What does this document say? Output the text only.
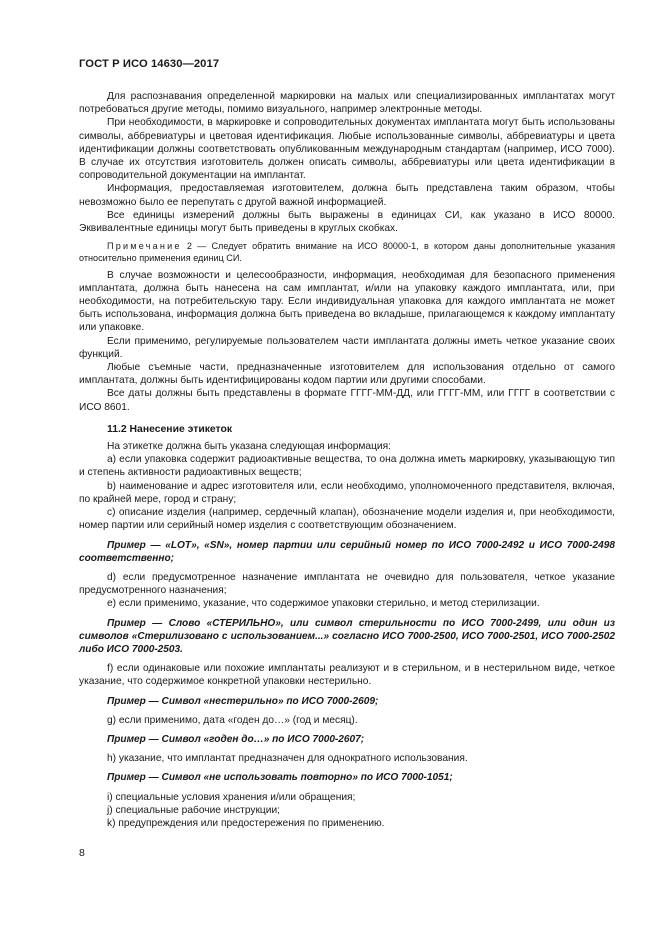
ГОСТ Р ИСО 14630—2017

Для распознавания определенной маркировки на малых или специализированных имплантатах могут потребоваться другие методы, помимо визуального, например электронные методы.

При необходимости, в маркировке и сопроводительных документах имплантата могут быть использованы символы, аббревиатуры и цветовая идентификация. Любые использованные символы, аббревиатуры и цвета идентификации должны соответствовать опубликованным международным стандартам (например, ИСО 7000). В случае их отсутствия изготовитель должен описать символы, аббревиатуры или цвета идентификации в сопроводительной документации на имплантат.

Информация, предоставляемая изготовителем, должна быть представлена таким образом, чтобы невозможно было ее перепутать с другой важной информацией.

Все единицы измерений должны быть выражены в единицах СИ, как указано в ИСО 80000. Эквивалентные единицы могут быть приведены в круглых скобках.

Примечание 2 — Следует обратить внимание на ИСО 80000-1, в котором даны дополнительные указания относительно применения единиц СИ.

В случае возможности и целесообразности, информация, необходимая для безопасного применения имплантата, должна быть нанесена на сам имплантат, и/или на упаковку каждого имплантата, или, при необходимости, на потребительскую тару. Если индивидуальная упаковка для каждого имплантата не может быть использована, информация должна быть приведена во вкладыше, прилагающемся к каждому имплантату или упаковке.

Если применимо, регулируемые пользователем части имплантата должны иметь четкое указание своих функций.

Любые съемные части, предназначенные изготовителем для использования отдельно от самого имплантата, должны быть идентифицированы кодом партии или другими способами.

Все даты должны быть представлены в формате ГГГГ-ММ-ДД, или ГГГГ-ММ, или ГГГГ в соответствии с ИСО 8601.

11.2 Нанесение этикеток

На этикетке должна быть указана следующая информация:

a) если упаковка содержит радиоактивные вещества, то она должна иметь маркировку, указывающую тип и степень активности радиоактивных веществ;

b) наименование и адрес изготовителя или, если необходимо, уполномоченного представителя, включая, по крайней мере, город и страну;

c) описание изделия (например, сердечный клапан), обозначение модели изделия и, при необходимости, номер партии или серийный номер изделия с соответствующим обозначением.

Пример — «LOT», «SN», номер партии или серийный номер по ИСО 7000-2492 и ИСО 7000-2498 соответственно;

d) если предусмотренное назначение имплантата не очевидно для пользователя, четкое указание предусмотренного назначения;

e) если применимо, указание, что содержимое упаковки стерильно, и метод стерилизации.

Пример — Слово «СТЕРИЛЬНО», или символ стерильности по ИСО 7000-2499, или один из символов «Стерилизовано с использованием...» согласно ИСО 7000-2500, ИСО 7000-2501, ИСО 7000-2502 либо ИСО 7000-2503.

f) если одинаковые или похожие имплантаты реализуют и в стерильном, и в нестерильном виде, четкое указание, что содержимое конкретной упаковки нестерильно.

Пример — Символ «нестерильно» по ИСО 7000-2609;

g) если применимо, дата «годен до…» (год и месяц).

Пример — Символ «годен до…» по ИСО 7000-2607;

h) указание, что имплантат предназначен для однократного использования.

Пример — Символ «не использовать повторно» по ИСО 7000-1051;

i) специальные условия хранения и/или обращения;

j) специальные рабочие инструкции;

k) предупреждения или предостережения по применению.

8
